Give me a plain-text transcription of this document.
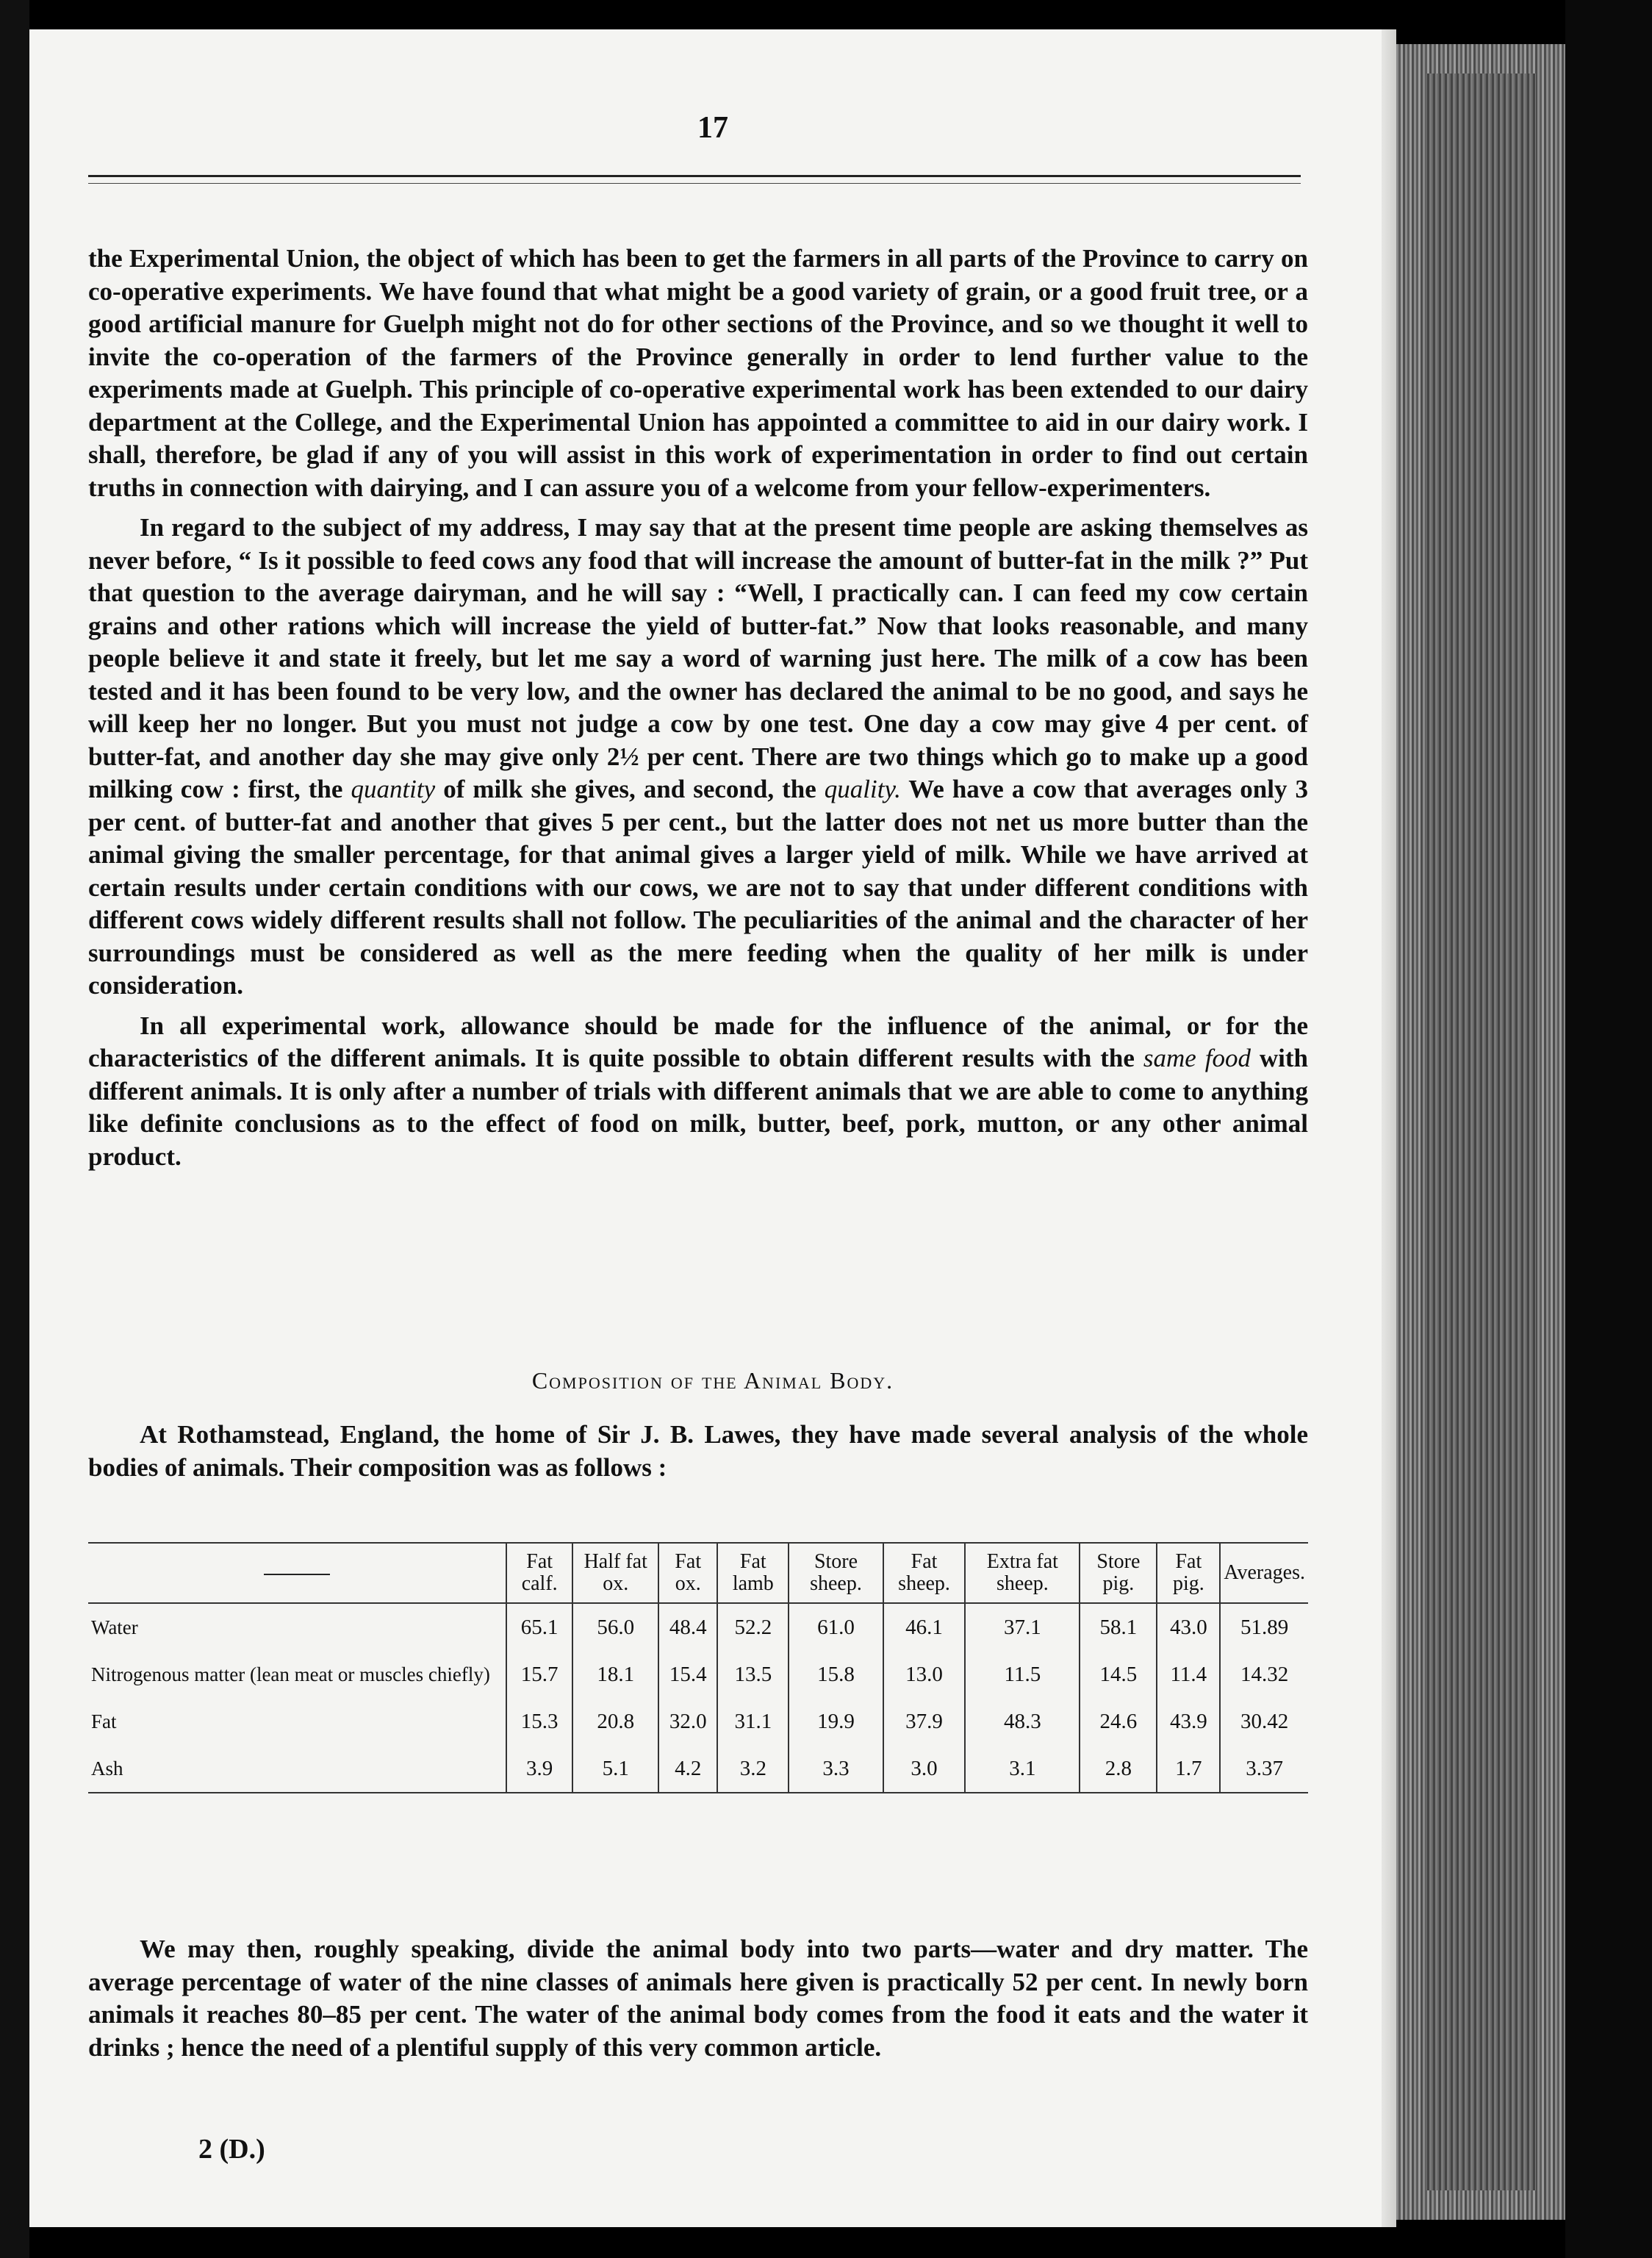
17

the Experimental Union, the object of which has been to get the farmers in all parts of the Province to carry on co-operative experiments. We have found that what might be a good variety of grain, or a good fruit tree, or a good artificial manure for Guelph might not do for other sections of the Province, and so we thought it well to invite the co-operation of the farmers of the Province generally in order to lend further value to the experiments made at Guelph. This principle of co-operative experimental work has been extended to our dairy department at the College, and the Experimental Union has appointed a committee to aid in our dairy work. I shall, therefore, be glad if any of you will assist in this work of experimentation in order to find out certain truths in connection with dairying, and I can assure you of a welcome from your fellow-experimenters.

In regard to the subject of my address, I may say that at the present time people are asking themselves as never before, “ Is it possible to feed cows any food that will increase the amount of butter-fat in the milk ?” Put that question to the average dairyman, and he will say : “Well, I practically can. I can feed my cow certain grains and other rations which will increase the yield of butter-fat.” Now that looks reasonable, and many people believe it and state it freely, but let me say a word of warning just here. The milk of a cow has been tested and it has been found to be very low, and the owner has declared the animal to be no good, and says he will keep her no longer. But you must not judge a cow by one test. One day a cow may give 4 per cent. of butter-fat, and another day she may give only 2½ per cent. There are two things which go to make up a good milking cow : first, the quantity of milk she gives, and second, the quality. We have a cow that averages only 3 per cent. of butter-fat and another that gives 5 per cent., but the latter does not net us more butter than the animal giving the smaller percentage, for that animal gives a larger yield of milk. While we have arrived at certain results under certain conditions with our cows, we are not to say that under different conditions with different cows widely different results shall not follow. The peculiarities of the animal and the character of her surroundings must be considered as well as the mere feeding when the quality of her milk is under consideration.

In all experimental work, allowance should be made for the influence of the animal, or for the characteristics of the different animals. It is quite possible to obtain different results with the same food with different animals. It is only after a number of trials with different animals that we are able to come to anything like definite conclusions as to the effect of food on milk, butter, beef, pork, mutton, or any other animal product.

Composition of the Animal Body.

At Rothamstead, England, the home of Sir J. B. Lawes, they have made several analysis of the whole bodies of animals. Their composition was as follows :

	Fat calf.	Half fat ox.	Fat ox.	Fat lamb	Store sheep.	Fat sheep.	Extra fat sheep.	Store pig.	Fat pig.	Averages.
Water	65.1	56.0	48.4	52.2	61.0	46.1	37.1	58.1	43.0	51.89
Nitrogenous matter (lean meat or muscles chiefly)	15.7	18.1	15.4	13.5	15.8	13.0	11.5	14.5	11.4	14.32
Fat	15.3	20.8	32.0	31.1	19.9	37.9	48.3	24.6	43.9	30.42
Ash	3.9	5.1	4.2	3.2	3.3	3.0	3.1	2.8	1.7	3.37

We may then, roughly speaking, divide the animal body into two parts—water and dry matter. The average percentage of water of the nine classes of animals here given is practically 52 per cent. In newly born animals it reaches 80–85 per cent. The water of the animal body comes from the food it eats and the water it drinks ; hence the need of a plentiful supply of this very common article.

2 (D.)
